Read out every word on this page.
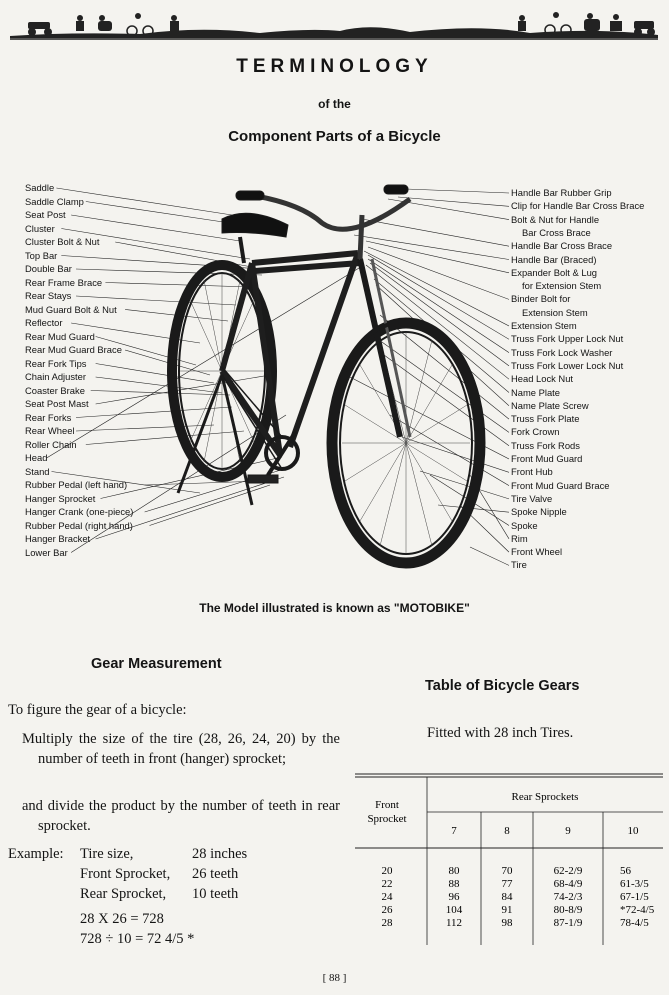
TERMINOLOGY
of the
Component Parts of a Bicycle
Saddle
Saddle Clamp
Seat Post
Cluster
Cluster Bolt & Nut
Top Bar
Double Bar
Rear Frame Brace
Rear Stays
Mud Guard Bolt & Nut
Reflector
Rear Mud Guard
Rear Mud Guard Brace
Rear Fork Tips
Chain Adjuster
Coaster Brake
Seat Post Mast
Rear Forks
Rear Wheel
Roller Chain
Head
Stand
Rubber Pedal (left hand)
Hanger Sprocket
Hanger Crank (one-piece)
Rubber Pedal (right hand)
Hanger Bracket
Lower Bar
Handle Bar Rubber Grip
Clip for Handle Bar Cross Brace
Bolt & Nut for Handle
Bar Cross Brace
Handle Bar Cross Brace
Handle Bar (Braced)
Expander Bolt & Lug
for Extension Stem
Binder Bolt for
Extension Stem
Extension Stem
Truss Fork Upper Lock Nut
Truss Fork Lock Washer
Truss Fork Lower Lock Nut
Head Lock Nut
Name Plate
Name Plate Screw
Truss Fork Plate
Fork Crown
Truss Fork Rods
Front Mud Guard
Front Hub
Front Mud Guard Brace
Tire Valve
Spoke Nipple
Spoke
Rim
Front Wheel
Tire
The Model illustrated is known as "MOTOBIKE"
Gear Measurement
Table of Bicycle Gears
Fitted with 28 inch Tires.
To figure the gear of a bicycle:
Multiply the size of the tire (28, 26, 24, 20) by the number of teeth in front (hanger) sprocket;
and divide the product by the number of teeth in rear sprocket.
Example: Tire size,	28 inches
Front Sprocket, 26 teeth
Rear Sprocket, 10 teeth
28 X 26 = 728
728 ÷ 10 = 72 4/5 *
Front
Sprocket
Rear Sprockets
7	8	9	10
20	80	70	62-2/9	56
22	88	77	68-4/9	61-3/5
24	96	84	74-2/3	67-1/5
26	104	91	80-8/9	*72-4/5
28	112	98	87-1/9	78-4/5
[ 88 ]
